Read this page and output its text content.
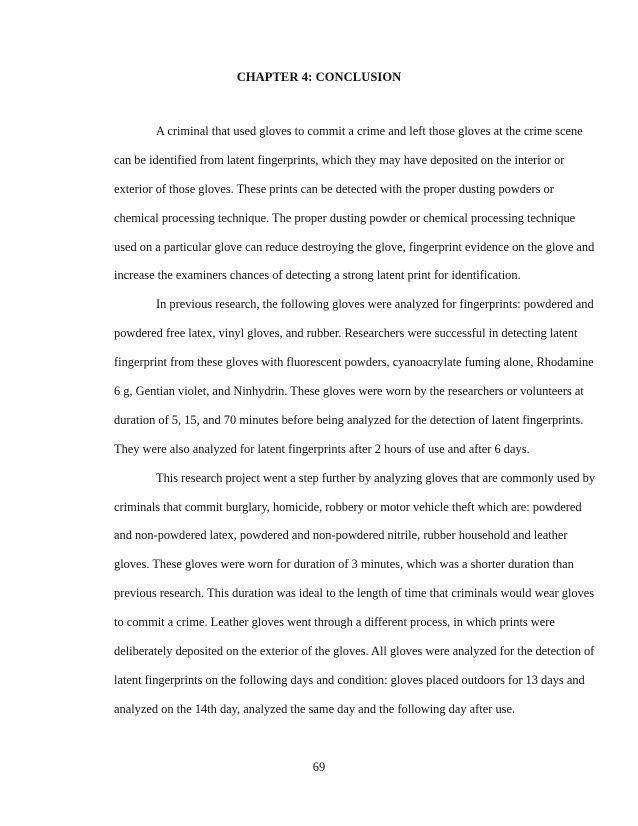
CHAPTER 4: CONCLUSION
A criminal that used gloves to commit a crime and left those gloves at the crime scene
can be identified from latent fingerprints, which they may have deposited on the interior or
exterior of those gloves. These prints can be detected with the proper dusting powders or
chemical processing technique. The proper dusting powder or chemical processing technique
used on a particular glove can reduce destroying the glove, fingerprint evidence on the glove and
increase the examiners chances of detecting a strong latent print for identification.
In previous research, the following gloves were analyzed for fingerprints: powdered and
powdered free latex, vinyl gloves, and rubber. Researchers were successful in detecting latent
fingerprint from these gloves with fluorescent powders, cyanoacrylate fuming alone, Rhodamine
6 g, Gentian violet, and Ninhydrin. These gloves were worn by the researchers or volunteers at
duration of 5, 15, and 70 minutes before being analyzed for the detection of latent fingerprints.
They were also analyzed for latent fingerprints after 2 hours of use and after 6 days.
This research project went a step further by analyzing gloves that are commonly used by
criminals that commit burglary, homicide, robbery or motor vehicle theft which are: powdered
and non-powdered latex, powdered and non-powdered nitrile, rubber household and leather
gloves. These gloves were worn for duration of 3 minutes, which was a shorter duration than
previous research. This duration was ideal to the length of time that criminals would wear gloves
to commit a crime. Leather gloves went through a different process, in which prints were
deliberately deposited on the exterior of the gloves. All gloves were analyzed for the detection of
latent fingerprints on the following days and condition: gloves placed outdoors for 13 days and
analyzed on the 14th day, analyzed the same day and the following day after use.
69
